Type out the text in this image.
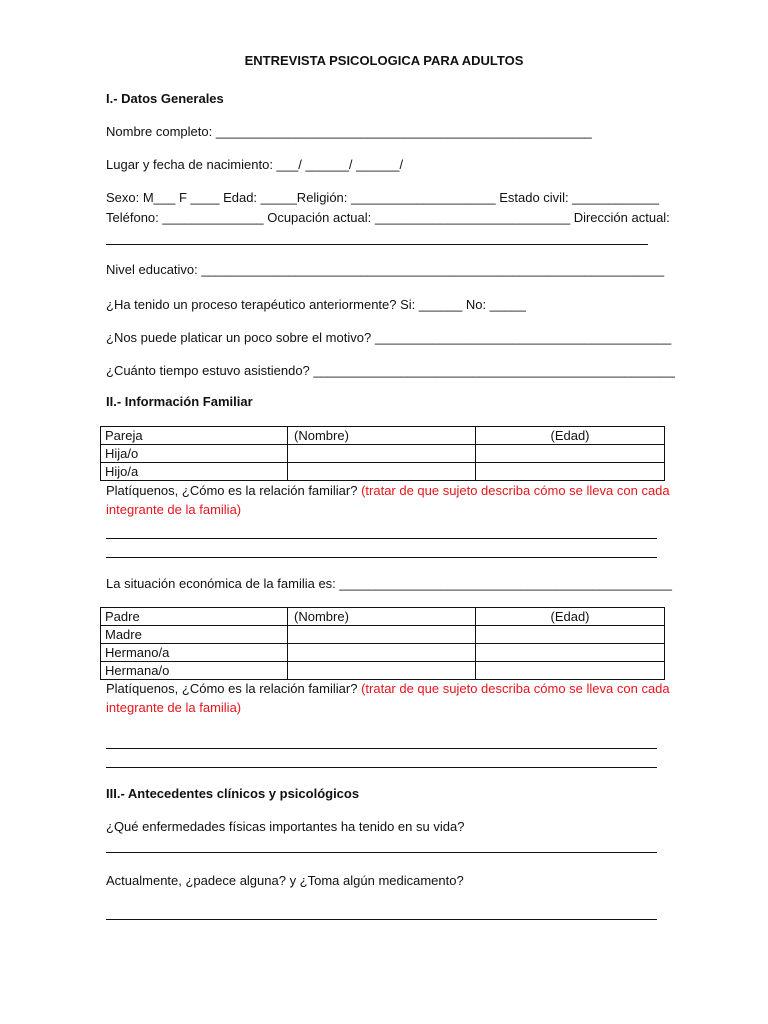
ENTREVISTA PSICOLOGICA PARA ADULTOS
I.- Datos Generales
Nombre completo: ____________________________________________________
Lugar y fecha de nacimiento: ___/ ______/ ______/
Sexo: M___ F ____ Edad: _____Religión: ____________________ Estado civil: ____________
Teléfono: ______________ Ocupación actual: ___________________________ Dirección actual:
Nivel educativo: ________________________________________________________________
¿Ha tenido un proceso terapéutico anteriormente? Si: ______ No: _____
¿Nos puede platicar un poco sobre el motivo? _________________________________________
¿Cuánto tiempo estuvo asistiendo? __________________________________________________
II.- Información Familiar
Pareja	(Nombre)	(Edad)
Hija/o		
Hijo/a		
Platíquenos, ¿Cómo es la relación familiar? (tratar de que sujeto describa cómo se lleva con cada
integrante de la familia)
La situación económica de la familia es: ______________________________________________
Padre	(Nombre)	(Edad)
Madre		
Hermano/a		
Hermana/o		
Platíquenos, ¿Cómo es la relación familiar? (tratar de que sujeto describa cómo se lleva con cada
integrante de la familia)
III.- Antecedentes clínicos y psicológicos
¿Qué enfermedades físicas importantes ha tenido en su vida?
Actualmente, ¿padece alguna? y ¿Toma algún medicamento?
